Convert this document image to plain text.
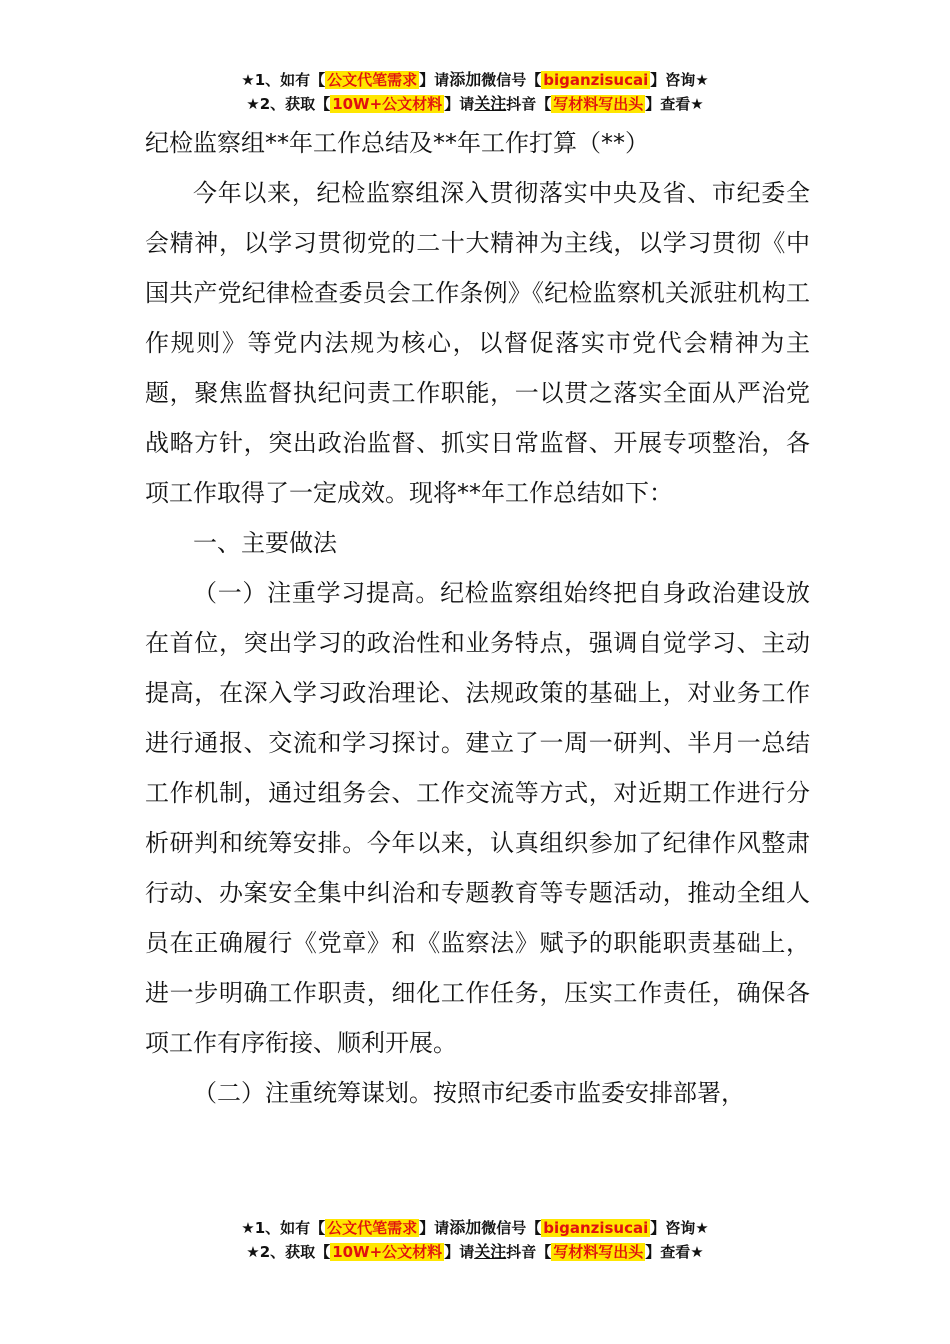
★1、如有【 公文代笔需求 】请添加微信号【 biganzisucai 】咨询★
★2、获取【 10W+公文材料 】请关注抖音【 写材料写出头 】查看★
纪检监察组**年工作总结及**年工作打算（**）

今年以来，纪检监察组深入贯彻落实中央及省、市纪委全会精神，以学习贯彻党的二十大精神为主线，以学习贯彻《中国共产党纪律检查委员会工作条例》《纪检监察机关派驻机构工作规则》等党内法规为核心，以督促落实市党代会精神为主题，聚焦监督执纪问责工作职能，一以贯之落实全面从严治党战略方针，突出政治监督、抓实日常监督、开展专项整治，各项工作取得了一定成效。现将**年工作总结如下：

一、主要做法

（一）注重学习提高。纪检监察组始终把自身政治建设放在首位，突出学习的政治性和业务特点，强调自觉学习、主动提高，在深入学习政治理论、法规政策的基础上，对业务工作进行通报、交流和学习探讨。建立了一周一研判、半月一总结工作机制，通过组务会、工作交流等方式，对近期工作进行分析研判和统筹安排。今年以来，认真组织参加了纪律作风整肃行动、办案安全集中纠治和专题教育等专题活动，推动全组人员在正确履行《党章》和《监察法》赋予的职能职责基础上，进一步明确工作职责，细化工作任务，压实工作责任，确保各项工作有序衔接、顺利开展。

（二）注重统筹谋划。按照市纪委市监委安排部署，

★1、如有【 公文代笔需求 】请添加微信号【 biganzisucai 】咨询★
★2、获取【 10W+公文材料 】请关注抖音【 写材料写出头 】查看★
